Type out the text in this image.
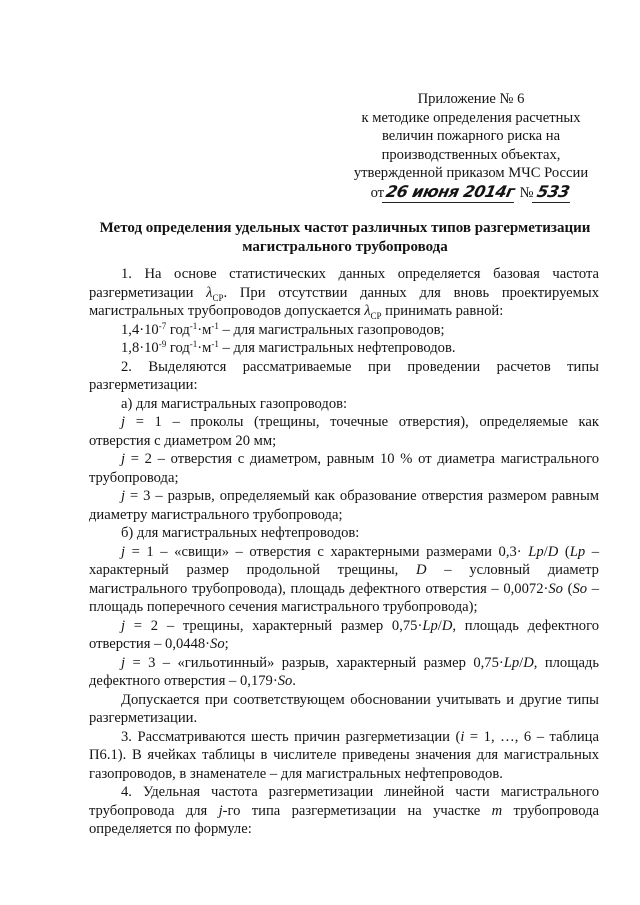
Приложение № 6
к методике определения расчетных
величин пожарного риска на
производственных объектах,
утвержденной приказом МЧС России
от26 июня 2014г №533
Метод определения удельных частот различных типов разгерметизации
магистрального трубопровода

1. На основе статистических данных определяется базовая частота разгерметизации $\lambda_{CP}$. При отсутствии данных для вновь проектируемых магистральных трубопроводов допускается $\lambda_{CP}$ принимать равной:

$1,4\cdot 10^{-7}$ $год^{-1}\cdot м^{-1}$ – для магистральных газопроводов;

$1,8\cdot 10^{-9}$ $год^{-1}\cdot м^{-1}$ – для магистральных нефтепроводов.

2. Выделяются рассматриваемые при проведении расчетов типы разгерметизации:

а) для магистральных газопроводов:

j = 1 – проколы (трещины, точечные отверстия), определяемые как отверстия с диаметром 20 мм;

j = 2 – отверстия с диаметром, равным 10 % от диаметра магистрального трубопровода;

j = 3 – разрыв, определяемый как образование отверстия размером равным диаметру магистрального трубопровода;

б) для магистральных нефтепроводов:

j = 1 – «свищи» – отверстия с характерными размерами 0,3· Lp/D (Lp – характерный размер продольной трещины, D – условный диаметр магистрального трубопровода), площадь дефектного отверстия – 0,0072·So (So – площадь поперечного сечения магистрального трубопровода);

j = 2 – трещины, характерный размер 0,75·Lp/D, площадь дефектного отверстия – 0,0448·So;

j = 3 – «гильотинный» разрыв, характерный размер 0,75·Lp/D, площадь дефектного отверстия – 0,179·So.

Допускается при соответствующем обосновании учитывать и другие типы разгерметизации.

3. Рассматриваются шесть причин разгерметизации (i = 1, …, 6 – таблица П6.1). В ячейках таблицы в числителе приведены значения для магистральных газопроводов, в знаменателе – для магистральных нефтепроводов.

4. Удельная частота разгерметизации линейной части магистрального трубопровода для j-го типа разгерметизации на участке m трубопровода определяется по формуле:
